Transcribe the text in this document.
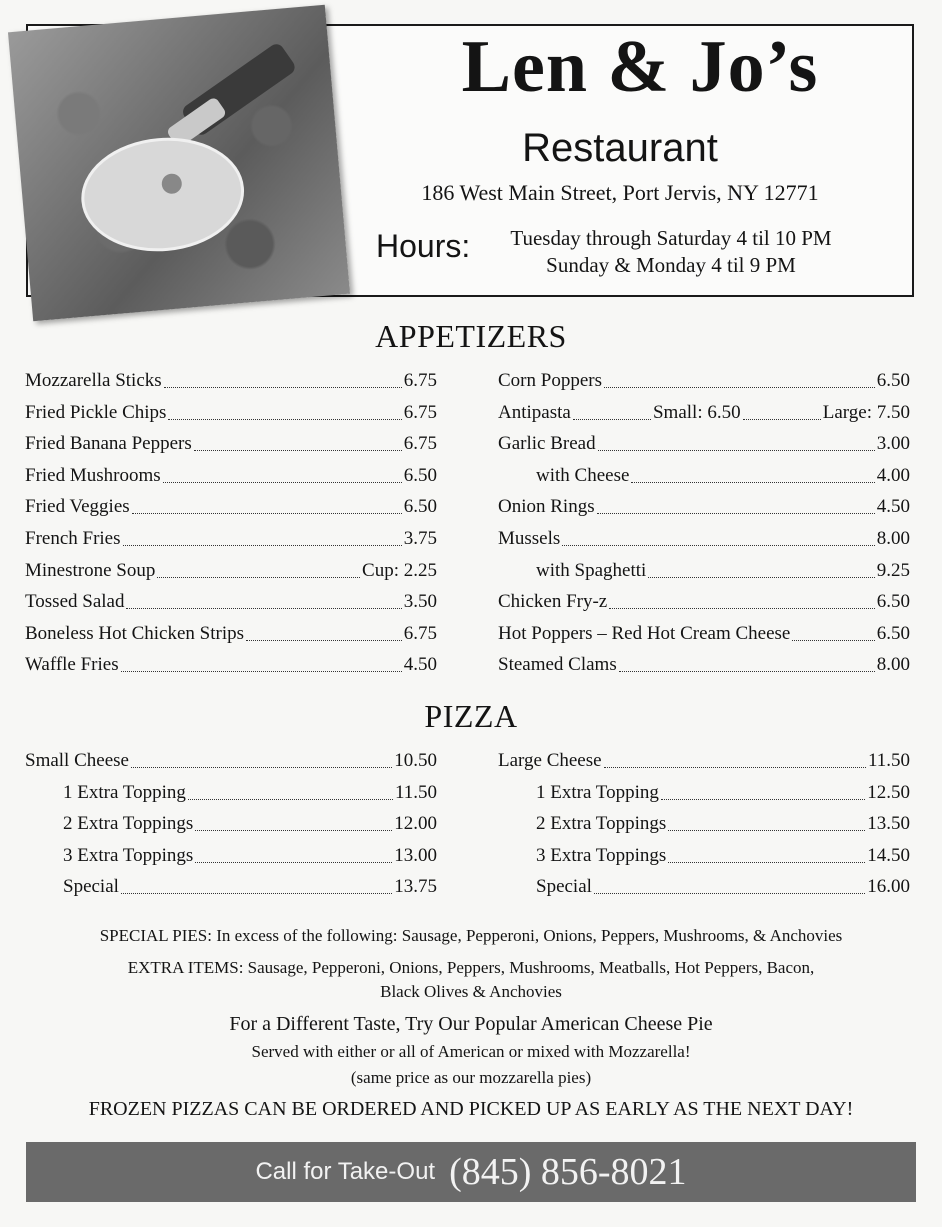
Len & Jo’s
Restaurant
186 West Main Street, Port Jervis, NY 12771
Hours:	Tuesday through Saturday 4 til 10 PM
Sunday & Monday 4 til 9 PM
APPETIZERS
Mozzarella Sticks	6.75
Fried Pickle Chips	6.75
Fried Banana Peppers	6.75
Fried Mushrooms	6.50
Fried Veggies	6.50
French Fries	3.75
Minestrone Soup	Cup: 2.25
Tossed Salad	3.50
Boneless Hot Chicken Strips	6.75
Waffle Fries	4.50
Corn Poppers	6.50
Antipasta	Small: 6.50	Large: 7.50
Garlic Bread	3.00
with Cheese	4.00
Onion Rings	4.50
Mussels	8.00
with Spaghetti	9.25
Chicken Fry-z	6.50
Hot Poppers – Red Hot Cream Cheese	6.50
Steamed Clams	8.00
PIZZA
Small Cheese	10.50
1 Extra Topping	11.50
2 Extra Toppings	12.00
3 Extra Toppings	13.00
Special	13.75
Large Cheese	11.50
1 Extra Topping	12.50
2 Extra Toppings	13.50
3 Extra Toppings	14.50
Special	16.00
SPECIAL PIES: In excess of the following: Sausage, Pepperoni, Onions, Peppers, Mushrooms, & Anchovies
EXTRA ITEMS: Sausage, Pepperoni, Onions, Peppers, Mushrooms, Meatballs, Hot Peppers, Bacon,
Black Olives & Anchovies
For a Different Taste, Try Our Popular American Cheese Pie
Served with either or all of American or mixed with Mozzarella!
(same price as our mozzarella pies)
FROZEN PIZZAS CAN BE ORDERED AND PICKED UP AS EARLY AS THE NEXT DAY!
Call for Take-Out (845) 856-8021
